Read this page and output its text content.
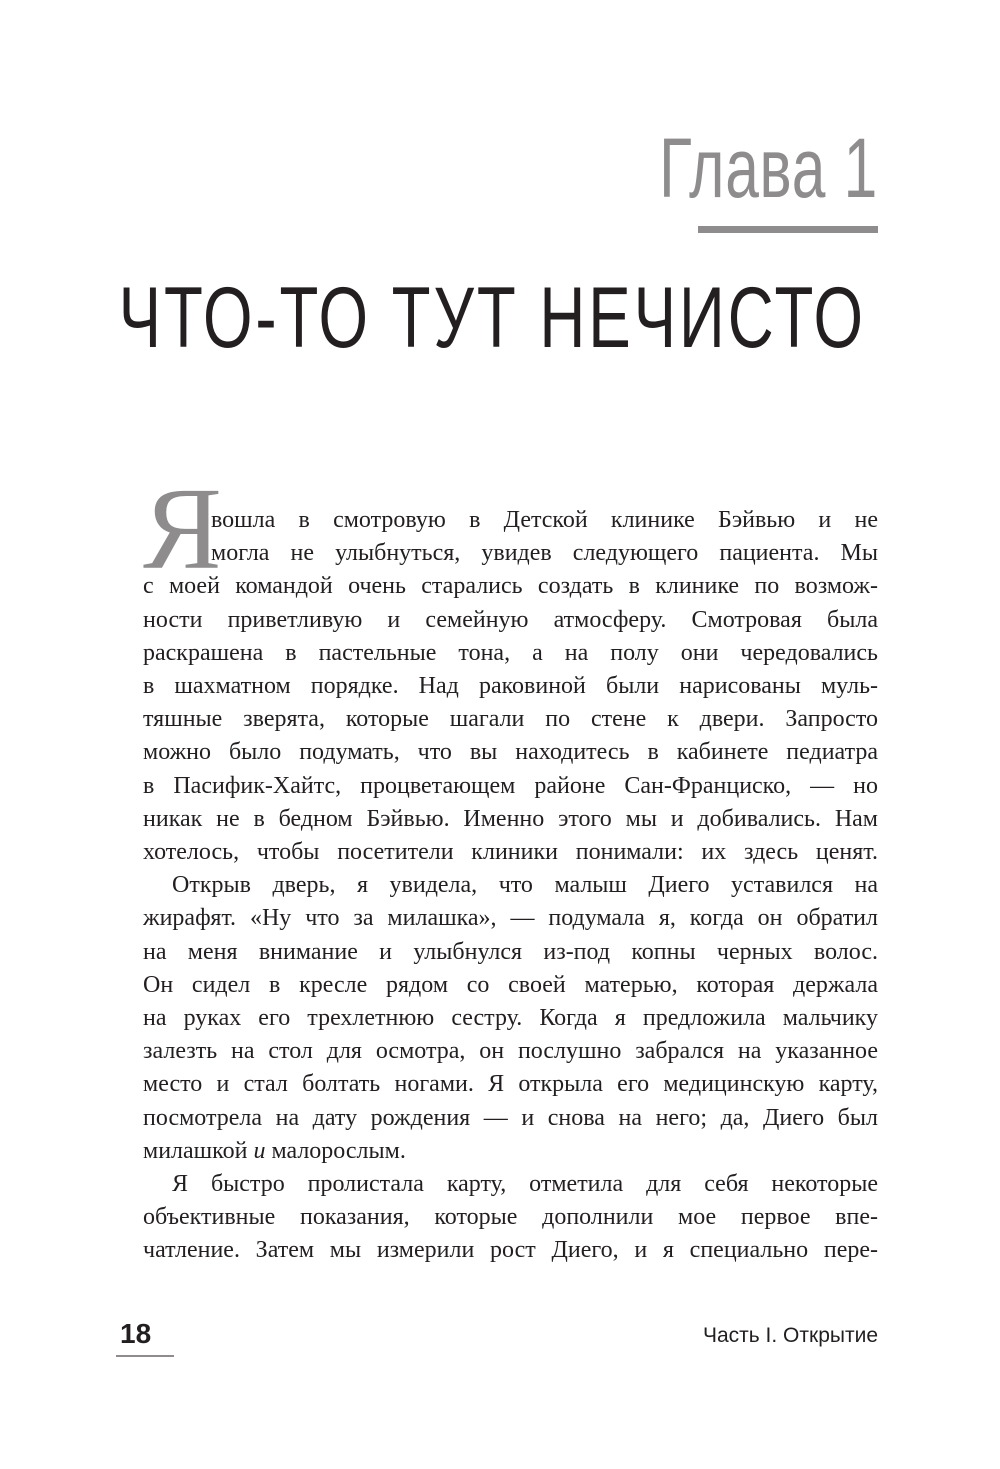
Глава 1
ЧТО-ТО ТУТ НЕЧИСТО
Я
вошла в смотровую в Детской клинике Бэйвью и не
могла не улыбнуться, увидев следующего пациента. Мы
с моей командой очень старались создать в клинике по возмож-
ности приветливую и семейную атмосферу. Смотровая была
раскрашена в пастельные тона, а на полу они чередовались
в шахматном порядке. Над раковиной были нарисованы муль-
тяшные зверята, которые шагали по стене к двери. Запросто
можно было подумать, что вы находитесь в кабинете педиатра
в Пасифик-Хайтс, процветающем районе Сан-Франциско, — но
никак не в бедном Бэйвью. Именно этого мы и добивались. Нам
хотелось, чтобы посетители клиники понимали: их здесь ценят.
Открыв дверь, я увидела, что малыш Диего уставился на
жирафят. «Ну что за милашка», — подумала я, когда он обратил
на меня внимание и улыбнулся из-под копны черных волос.
Он сидел в кресле рядом со своей матерью, которая держала
на руках его трехлетнюю сестру. Когда я предложила мальчику
залезть на стол для осмотра, он послушно забрался на указанное
место и стал болтать ногами. Я открыла его медицинскую карту,
посмотрела на дату рождения — и снова на него; да, Диего был
милашкой и малорослым.
Я быстро пролистала карту, отметила для себя некоторые
объективные показания, которые дополнили мое первое впе-
чатление. Затем мы измерили рост Диего, и я специально пере-
18	Часть I. Открытие
